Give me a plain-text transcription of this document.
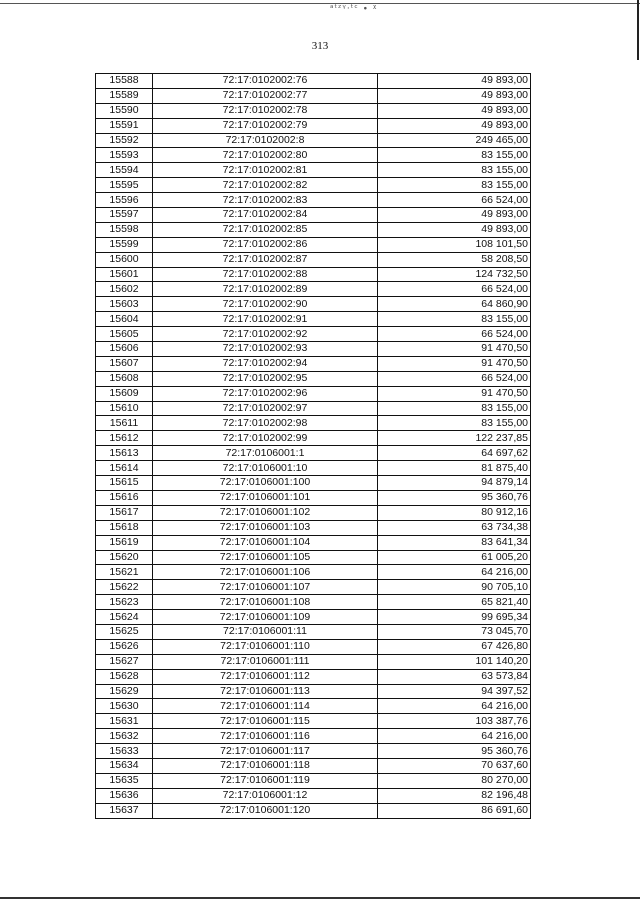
ᵃᵗᶻᵞ·ᵗᶜ ∙ ᵡ
313
15588	72:17:0102002:76	49 893,00
15589	72:17:0102002:77	49 893,00
15590	72:17:0102002:78	49 893,00
15591	72:17:0102002:79	49 893,00
15592	72:17:0102002:8	249 465,00
15593	72:17:0102002:80	83 155,00
15594	72:17:0102002:81	83 155,00
15595	72:17:0102002:82	83 155,00
15596	72:17:0102002:83	66 524,00
15597	72:17:0102002:84	49 893,00
15598	72:17:0102002:85	49 893,00
15599	72:17:0102002:86	108 101,50
15600	72:17:0102002:87	58 208,50
15601	72:17:0102002:88	124 732,50
15602	72:17:0102002:89	66 524,00
15603	72:17:0102002:90	64 860,90
15604	72:17:0102002:91	83 155,00
15605	72:17:0102002:92	66 524,00
15606	72:17:0102002:93	91 470,50
15607	72:17:0102002:94	91 470,50
15608	72:17:0102002:95	66 524,00
15609	72:17:0102002:96	91 470,50
15610	72:17:0102002:97	83 155,00
15611	72:17:0102002:98	83 155,00
15612	72:17:0102002:99	122 237,85
15613	72:17:0106001:1	64 697,62
15614	72:17:0106001:10	81 875,40
15615	72:17:0106001:100	94 879,14
15616	72:17:0106001:101	95 360,76
15617	72:17:0106001:102	80 912,16
15618	72:17:0106001:103	63 734,38
15619	72:17:0106001:104	83 641,34
15620	72:17:0106001:105	61 005,20
15621	72:17:0106001:106	64 216,00
15622	72:17:0106001:107	90 705,10
15623	72:17:0106001:108	65 821,40
15624	72:17:0106001:109	99 695,34
15625	72:17:0106001:11	73 045,70
15626	72:17:0106001:110	67 426,80
15627	72:17:0106001:111	101 140,20
15628	72:17:0106001:112	63 573,84
15629	72:17:0106001:113	94 397,52
15630	72:17:0106001:114	64 216,00
15631	72:17:0106001:115	103 387,76
15632	72:17:0106001:116	64 216,00
15633	72:17:0106001:117	95 360,76
15634	72:17:0106001:118	70 637,60
15635	72:17:0106001:119	80 270,00
15636	72:17:0106001:12	82 196,48
15637	72:17:0106001:120	86 691,60
